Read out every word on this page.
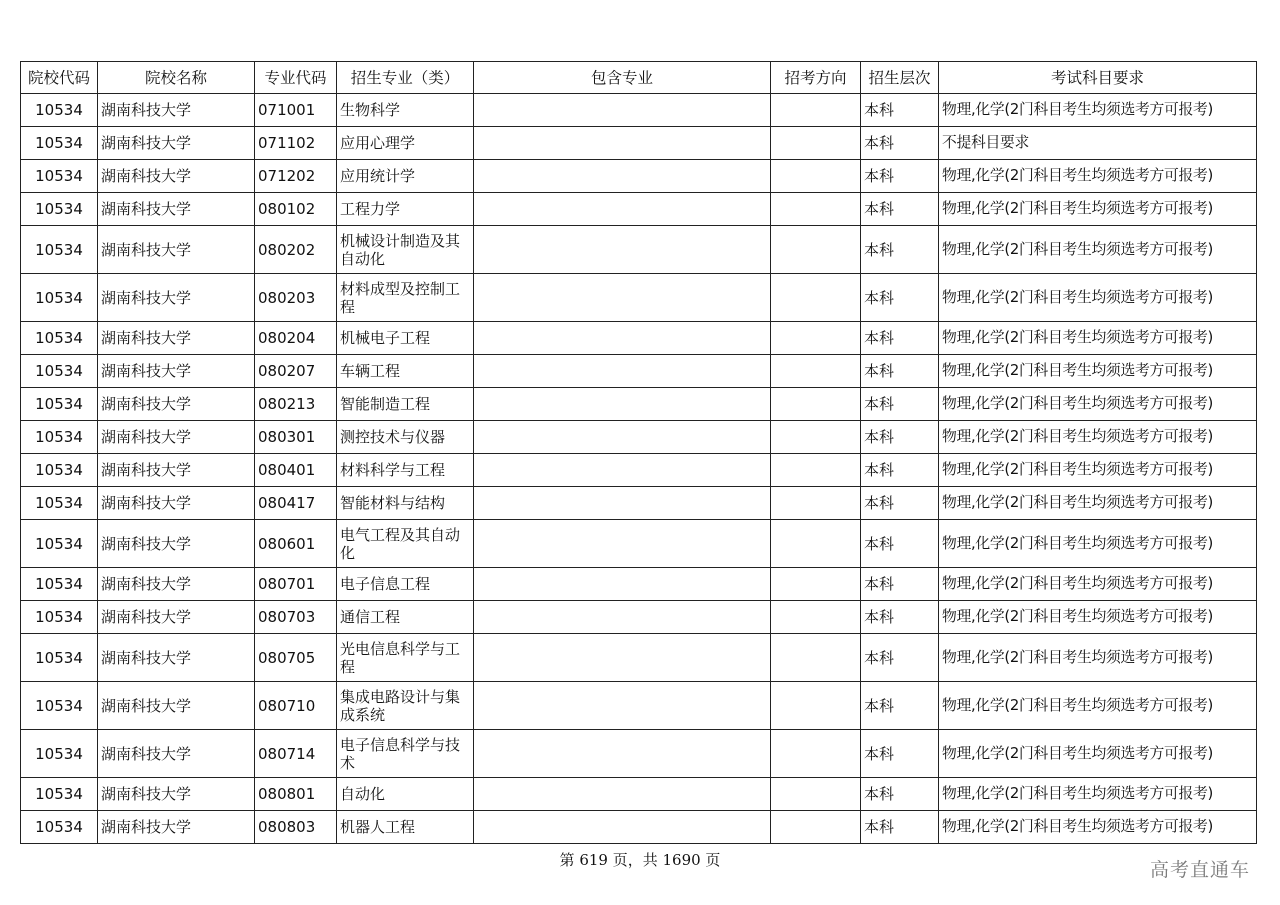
院校代码	院校名称	专业代码	招生专业（类）	包含专业	招考方向	招生层次	考试科目要求
10534	湖南科技大学	071001	生物科学			本科	物理,化学(2门科目考生均须选考方可报考)
10534	湖南科技大学	071102	应用心理学			本科	不提科目要求
10534	湖南科技大学	071202	应用统计学			本科	物理,化学(2门科目考生均须选考方可报考)
10534	湖南科技大学	080102	工程力学			本科	物理,化学(2门科目考生均须选考方可报考)
10534	湖南科技大学	080202	机械设计制造及其自动化			本科	物理,化学(2门科目考生均须选考方可报考)
10534	湖南科技大学	080203	材料成型及控制工程			本科	物理,化学(2门科目考生均须选考方可报考)
10534	湖南科技大学	080204	机械电子工程			本科	物理,化学(2门科目考生均须选考方可报考)
10534	湖南科技大学	080207	车辆工程			本科	物理,化学(2门科目考生均须选考方可报考)
10534	湖南科技大学	080213	智能制造工程			本科	物理,化学(2门科目考生均须选考方可报考)
10534	湖南科技大学	080301	测控技术与仪器			本科	物理,化学(2门科目考生均须选考方可报考)
10534	湖南科技大学	080401	材料科学与工程			本科	物理,化学(2门科目考生均须选考方可报考)
10534	湖南科技大学	080417	智能材料与结构			本科	物理,化学(2门科目考生均须选考方可报考)
10534	湖南科技大学	080601	电气工程及其自动化			本科	物理,化学(2门科目考生均须选考方可报考)
10534	湖南科技大学	080701	电子信息工程			本科	物理,化学(2门科目考生均须选考方可报考)
10534	湖南科技大学	080703	通信工程			本科	物理,化学(2门科目考生均须选考方可报考)
10534	湖南科技大学	080705	光电信息科学与工程			本科	物理,化学(2门科目考生均须选考方可报考)
10534	湖南科技大学	080710	集成电路设计与集成系统			本科	物理,化学(2门科目考生均须选考方可报考)
10534	湖南科技大学	080714	电子信息科学与技术			本科	物理,化学(2门科目考生均须选考方可报考)
10534	湖南科技大学	080801	自动化			本科	物理,化学(2门科目考生均须选考方可报考)
10534	湖南科技大学	080803	机器人工程			本科	物理,化学(2门科目考生均须选考方可报考)
第 619 页，共 1690 页	高考直通车
